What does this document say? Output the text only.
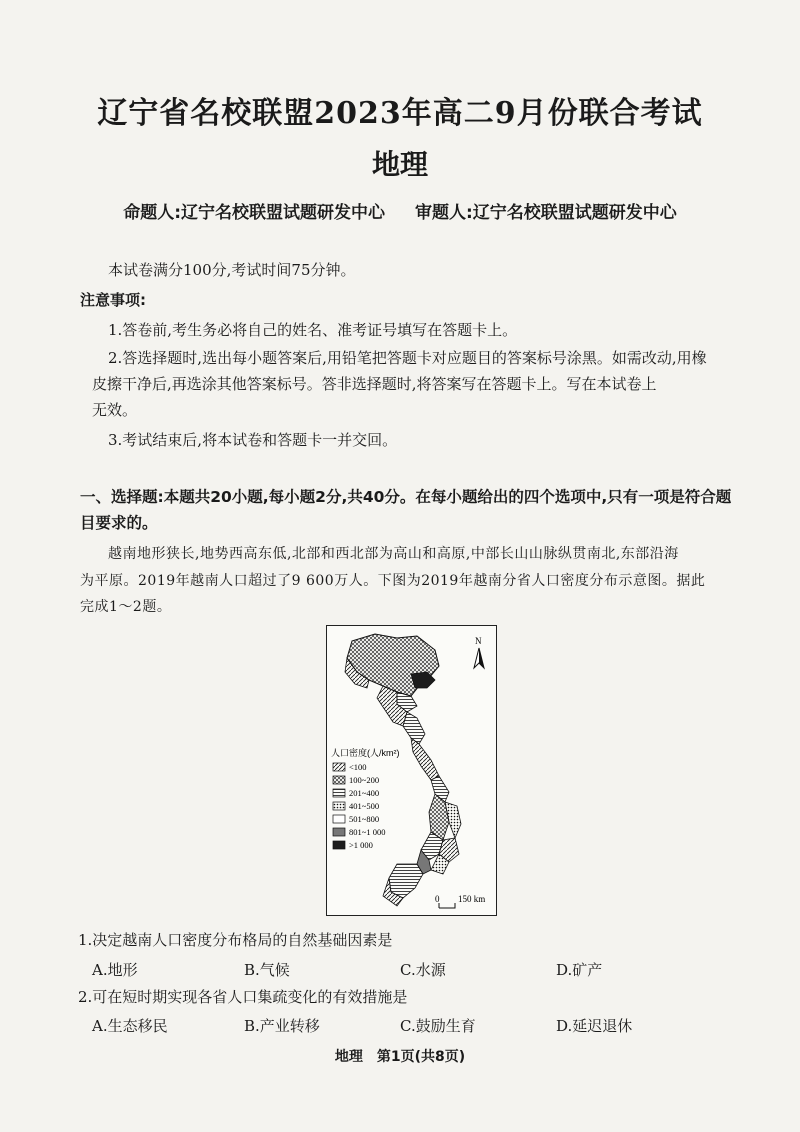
辽宁省名校联盟2023年高二9月份联合考试
地理
命题人:辽宁名校联盟试题研发中心 审题人:辽宁名校联盟试题研发中心
本试卷满分100分,考试时间75分钟。
注意事项:
1.答卷前,考生务必将自己的姓名、准考证号填写在答题卡上。
2.答选择题时,选出每小题答案后,用铅笔把答题卡对应题目的答案标号涂黑。如需改动,用橡
皮擦干净后,再选涂其他答案标号。答非选择题时,将答案写在答题卡上。写在本试卷上
无效。
3.考试结束后,将本试卷和答题卡一并交回。
一、选择题:本题共20小题,每小题2分,共40分。在每小题给出的四个选项中,只有一项是符合题
目要求的。
越南地形狭长,地势西高东低,北部和西北部为高山和高原,中部长山山脉纵贯南北,东部沿海
为平原。2019年越南人口超过了9 600万人。下图为2019年越南分省人口密度分布示意图。据此
完成1～2题。
N
人口密度(人/km²)
<100
100~200
201~400
401~500
501~800
801~1 000
>1 000
0 150 km
1.决定越南人口密度分布格局的自然基础因素是
A.地形	B.气候	C.水源	D.矿产
2.可在短时期实现各省人口集疏变化的有效措施是
A.生态移民	B.产业转移	C.鼓励生育	D.延迟退休
地理　第1页(共8页)
